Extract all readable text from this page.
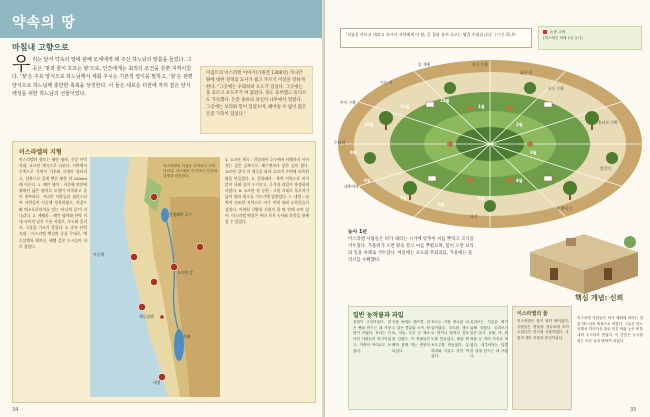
약속의 땅
마침내 고향으로
우 리는 앞서 약속의 땅에 관해 모세에게 왜 주신 하느님의 말씀을 들었다. 그곳은 '젖과 꿀이 흐르는 땅'으로, 인간에게는 최적의 조건을 갖춘 지역이었다. '젖'은 주요 양식으로 하느님께서 제회 주시는 기본적 양식을 말하고, '꿀'은 관련 양식으로 하느님께 충만한 축복을 상징한다. 이 둘은 새로운 터전에 자리 잡은 양식 백성을 위한 하느님의 선물이었다.
이집트의 이스라엘 이야기(기원전 1300년) 가나안 땅에 대한 성경의 묘사가 젊고 푸르기 이상을 말하게 한다. "그곳에는 우회하려 포도가 있었다. 그곳에는 물 흐르고 포도주가 여 많았다. 졸도 풍부했고 올리브도 가득했다. 온갖 종류의 과일이 나무에서 열렸다. 그곳에는 보리와 밀이 있었으며, 헤아릴 수 없이 많은 온갖 가축이 있었다."
이스라엘의 지형
이스라엘의 영토는 해안 평야, 중앙 산악 지대, 요르단 계곡으로 나뉜다. 서쪽에서 동쪽으로 가면서 기후와 식생이 달라지고, 남북으로 길게 뻗은 땅은 약 240km에 이른다. 1. 해안 평야 : 지중해 연안에 펼쳐진 넓은 평지로 토양이 비옥하고 물이 풍부하다. 가나안 사람들과 필리스티아 사람들이 이곳에 정착하였고, 이집트와 메소포타미아를 잇는 '바다의 길'이 지나갔다. 2. 세펠라 : 해안 평야와 산악 지대 사이의 낮은 구릉 지대로, 포도와 올리브, 곡물을 기르기 좋았다. 3. 중부 산악 지대 : 이스라엘 백성의 중심 무대로, 예루살렘과 헤브론, 베텔 같은 도시들이 자리 잡았다.
지중해
갈릴래아 호수
사해
요르단 강
예루살렘
네겝
이스라엘의 지형은 지역마다 크게 다르다. 지도에서 각 번호는 본문의 설명과 대응한다.
4. 요르단 계곡 : 갈릴래아 호수에서 사해까지 이어지는 깊은 골짜기로, 해수면보다 낮은 곳이 많다. 요르단 강이 이 계곡을 따라 흐르며 주변에 비옥한 땅을 만들었다. 5. 갈릴래아 : 북쪽 지역으로 비가 많이 내려 숲이 우거지고, 곡식과 과일이 풍성하게 자랐다. 6. 요르단 강 동편 : 고원 지대로 목초지가 넓어 양과 염소를 기르기에 알맞았다. 7. 네겝 : 남쪽의 건조한 지역으로 비가 적게 내려 유목민들이 살았다. 이처럼 다양한 지형이 한 땅 안에 모여 있어, 이스라엘 백성은 여러 가지 농사와 목축을 함께 할 수 있었다.
34
'지름을 마르고 내리고 오시어 저희에게 이 땅, 곧 젖과 꿀이 흐르는 땅을 주셨습니다.' (신명 26,9)	농촌 주택
(게스테인 재배 1년 농사)
1월
2월
3월
4월
5월
6월
7월
8월
9월
10월
11월
12월
밀 재배	보리 수확
포도 수확
올리브 수확
밭갈이
씨 뿌리기
아마 수확
무화과
대추야자
이른 비
늦은 비
타작
농사 1년
이스라엘 사람들은 비가 내리는 시기에 맞추어 씨를 뿌리고 곡식을 거두었다. 가을비가 오면 땅을 갈고 씨를 뿌렸으며, 봄이 오면 보리와 밀을 차례로 거두었다. 여름에는 포도와 무화과를, 가을에는 올리브를 수확했다.
핵심 개념: 신뢰
일반 농작물과 과일
유럽이 주식이었다. 밀은 빵을 만드는 데 가장 많이 쓰였다. 보리는 가난한 사람들의 양식이었고, 가축의 먹이로도 쓰였다.
곡물 외에도 렌즈콩, 잠두 같은 콩류와 오이, 양파, 마늘, 부추 등 채소를 길렀다. 이 작물들은 빵과 함께 먹는 반찬이 되었다.
포도는 가장 중요한 과일이었다. 포도를 생으로 먹거나 말려서 건포도를 만들었고, 즙을 짜 포도주를 만들었다. 무화과와 석류도 즐겨 먹었다.
올리브는 기름을 짜기 위해 길렀다. 올리브기름은 음식, 등불, 약, 화장품 등 여러 가지로 쓰였다. 대추야자는 달콤한 꿀을 만드는 데 쓰였다.
이스라엘의 물
이스라엘은 물이 귀한 땅이었다. 사람들은 빗물을 저수조에 모아 두었다가 건기에 사용하였다. 우물과 샘은 마을의 중심이었다.
이스라엘 사람들은 비가 제때에 내리는 것을 하느님의 축복으로 여겼다. 그들은 하느님께서 약속하신 대로 이른 비와 늦은 비를 내려 주시리라 믿었다. 이 믿음은 농사를 짓는 모든 일의 바탕이 되었다.
35
